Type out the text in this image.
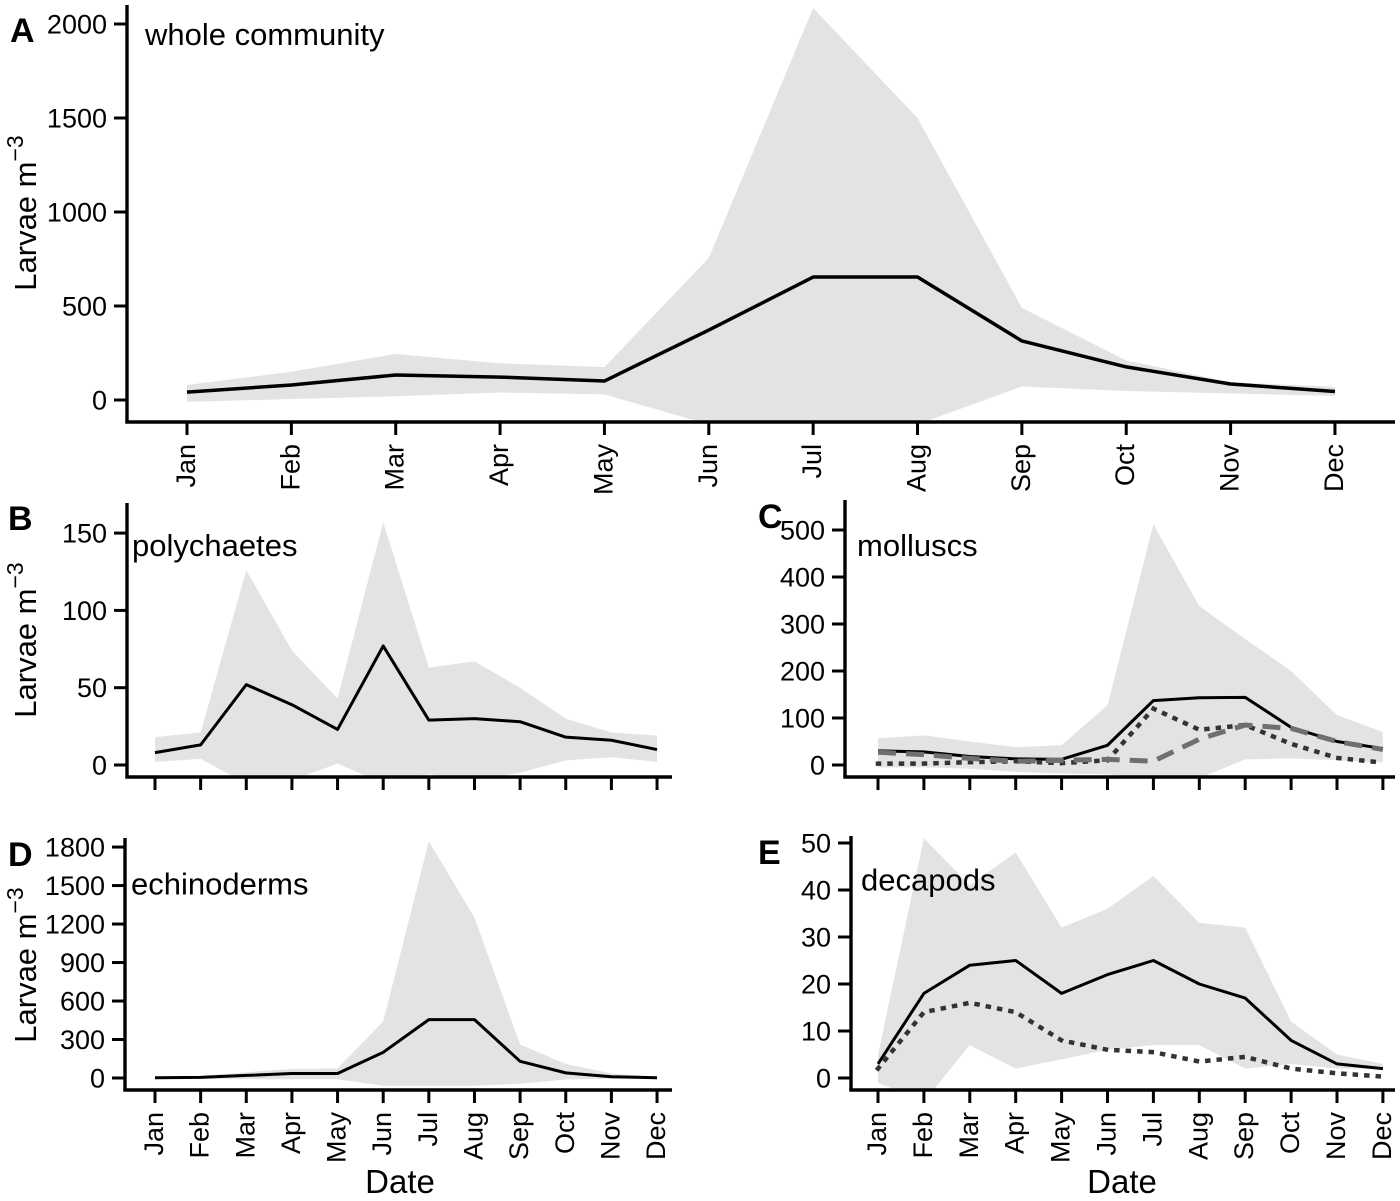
0
500
1000
1500
2000
Jan	Feb	Mar	Apr	May	Jun	Jul	Aug	Sep	Oct	Nov	Dec
A	whole community
Larvae $m^{-3}$
0
50
100
150
B
polychaetes
Larvae $m^{-3}$
0
100
200
300
400
500
C
molluscs
0
300
600
900
1200
1500
1800
Jan Feb Mar Apr May Jun Jul Aug Sep Oct Nov Dec
D
echinoderms
Larvae $m^{-3}$
Date
0
10
20
30
40
50
Jan Feb Mar Apr May Jun Jul Aug Sep Oct Nov Dec
E
decapods
Date
